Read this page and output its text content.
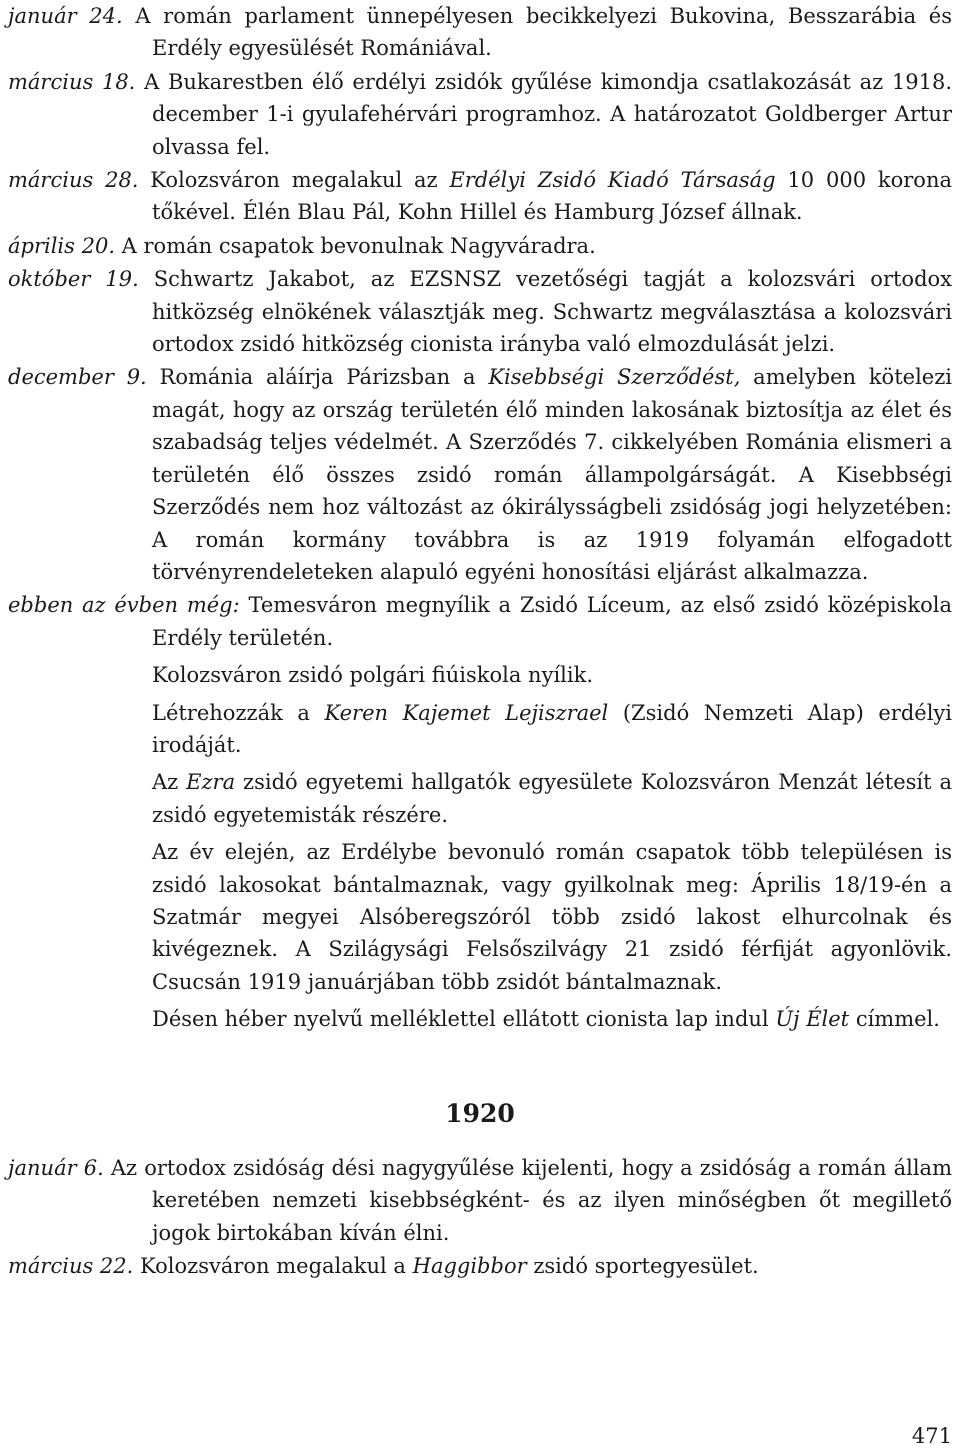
január 24. A román parlament ünnepélyesen becikkelyezi Bukovina, Besszarábia és Erdély egyesülését Romániával.

március 18. A Bukarestben élő erdélyi zsidók gyűlése kimondja csatlakozását az 1918. december 1-i gyulafehérvári programhoz. A határozatot Goldberger Artur olvassa fel.

március 28. Kolozsváron megalakul az Erdélyi Zsidó Kiadó Társaság 10 000 korona tőkével. Élén Blau Pál, Kohn Hillel és Hamburg József állnak.

április 20. A román csapatok bevonulnak Nagyváradra.

október 19. Schwartz Jakabot, az EZSNSZ vezetőségi tagját a kolozsvári ortodox hitközség elnökének választják meg. Schwartz megválasztása a kolozsvári ortodox zsidó hitközség cionista irányba való elmozdulását jelzi.

december 9. Románia aláírja Párizsban a Kisebbségi Szerződést, amelyben kötelezi magát, hogy az ország területén élő minden lakosának biztosítja az élet és szabadság teljes védelmét. A Szerződés 7. cikkelyében Románia elismeri a területén élő összes zsidó román állampolgárságát. A Kisebbségi Szerződés nem hoz változást az ókirálysságbeli zsidóság jogi helyzetében: A román kormány továbbra is az 1919 folyamán elfogadott törvényrendeleteken alapuló egyéni honosítási eljárást alkalmazza.

ebben az évben még: Temesváron megnyílik a Zsidó Líceum, az első zsidó középiskola Erdély területén.

Kolozsváron zsidó polgári fiúiskola nyílik.

Létrehozzák a Keren Kajemet Lejiszrael (Zsidó Nemzeti Alap) erdélyi irodáját.

Az Ezra zsidó egyetemi hallgatók egyesülete Kolozsváron Menzát létesít a zsidó egyetemisták részére.

Az év elején, az Erdélybe bevonuló román csapatok több településen is zsidó lakosokat bántalmaznak, vagy gyilkolnak meg: Április 18/19-én a Szatmár megyei Alsóberegszóról több zsidó lakost elhurcolnak és kivégeznek. A Szilágysági Felsőszilvágy 21 zsidó férfiját agyonlövik. Csucsán 1919 januárjában több zsidót bántalmaznak.

Désen héber nyelvű melléklettel ellátott cionista lap indul Új Élet címmel.

1920

január 6. Az ortodox zsidóság dési nagygyűlése kijelenti, hogy a zsidóság a román állam keretében nemzeti kisebbségként- és az ilyen minőségben őt megillető jogok birtokában kíván élni.

március 22. Kolozsváron megalakul a Haggibbor zsidó sportegyesület.

471
